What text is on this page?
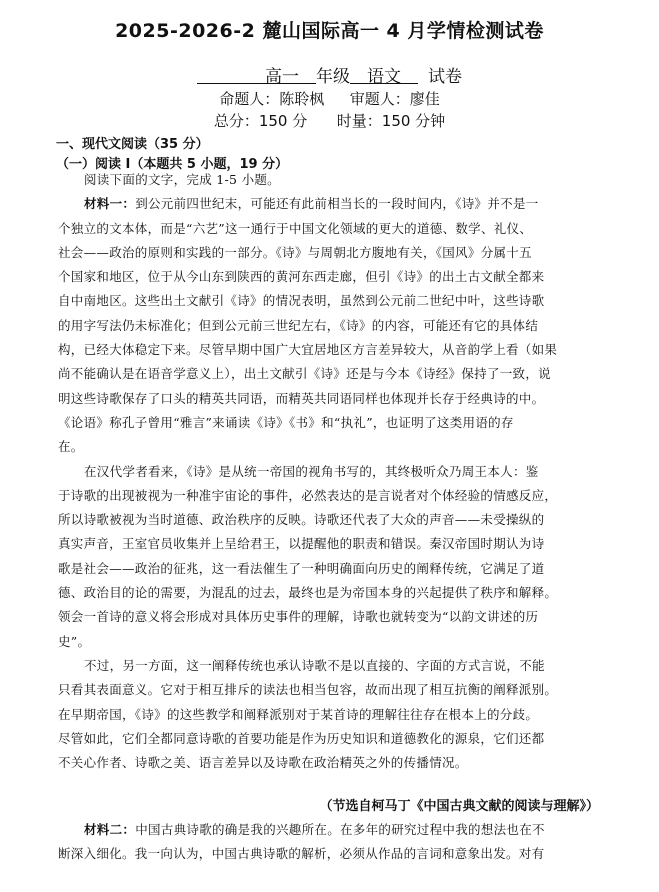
2025-2026-2 麓山国际高一 4 月学情检测试卷
　　　　高一　 年级　 语文　 试卷
命题人：陈聆枫 审题人：廖佳
总分：150 分 时量：150 分钟
一、现代文阅读（35 分）
（一）阅读 I（本题共 5 小题，19 分）
阅读下面的文字，完成 1-5 小题。
材料一：到公元前四世纪末，可能还有此前相当长的一段时间内，《诗》并不是一
个独立的文本体，而是“六艺”这一通行于中国文化领域的更大的道德、数学、礼仪、
社会——政治的原则和实践的一部分。《诗》与周朝北方腹地有关，《国风》分属十五
个国家和地区，位于从今山东到陕西的黄河东西走廊，但引《诗》的出土古文献全都来
自中南地区。这些出土文献引《诗》的情况表明，虽然到公元前二世纪中叶，这些诗歌
的用字写法仍未标准化；但到公元前三世纪左右，《诗》的内容，可能还有它的具体结
构，已经大体稳定下来。尽管早期中国广大宜居地区方言差异较大，从音韵学上看（如果
尚不能确认是在语音学意义上），出土文献引《诗》还是与今本《诗经》保持了一致，说
明这些诗歌保存了口头的精英共同语，而精英共同语同样也体现并长存于经典诗的中。
《论语》称孔子曾用“雅言”来诵读《诗》《书》和“执礼”，也证明了这类用语的存
在。
在汉代学者看来，《诗》是从统一帝国的视角书写的，其终极听众乃周王本人：鉴
于诗歌的出现被视为一种准宇宙论的事件，必然表达的是言说者对个体经验的情感反应，
所以诗歌被视为当时道德、政治秩序的反映。诗歌还代表了大众的声音——未受操纵的
真实声音，王室官员收集并上呈给君王，以提醒他的职责和错误。秦汉帝国时期认为诗
歌是社会——政治的征兆，这一看法催生了一种明确面向历史的阐释传统，它满足了道
德、政治目的论的需要，为混乱的过去，最终也是为帝国本身的兴起提供了秩序和解释。
领会一首诗的意义将会形成对具体历史事件的理解，诗歌也就转变为“以韵文讲述的历
史”。
不过，另一方面，这一阐释传统也承认诗歌不是以直接的、字面的方式言说，不能
只看其表面意义。它对于相互排斥的读法也相当包容，故而出现了相互抗衡的阐释派别。
在早期帝国，《诗》的这些教学和阐释派别对于某首诗的理解往往存在根本上的分歧。
尽管如此，它们全都同意诗歌的首要功能是作为历史知识和道德教化的源泉，它们还都
不关心作者、诗歌之美、语言差异以及诗歌在政治精英之外的传播情况。
（节选自柯马丁《中国古典文献的阅读与理解》）
材料二：中国古典诗歌的确是我的兴趣所在。在多年的研究过程中我的想法也在不
断深入细化。我一向认为，中国古典诗歌的解析，必须从作品的言词和意象出发。对有
